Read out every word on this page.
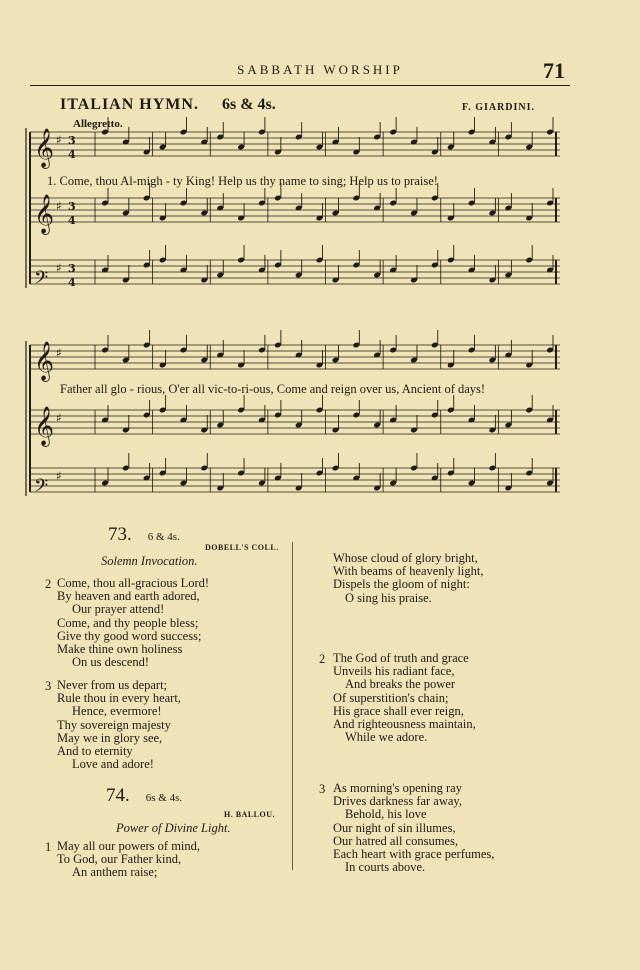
SABBATH WORSHIP	71
ITALIAN HYMN. 6s & 4s.	F. GIARDINI.
Allegretto.
𝄞 ♯ 3
4
𝄞 ♯ 3
4
𝄢 ♯ 3
4
𝄞 ♯
𝄞 ♯
𝄢 ♯
1. Come, thou Al-migh - ty King! Help us thy name to sing; Help us to praise!
Father all glo - rious, O'er all vic-to-ri-ous, Come and reign over us, Ancient of days!
73. 6 & 4s.
DOBELL'S COLL.
Solemn Invocation.
2 Come, thou all-gracious Lord!
By heaven and earth adored,
Our prayer attend!
Come, and thy people bless;
Give thy good word success;
Make thine own holiness
On us descend!
3 Never from us depart;
Rule thou in every heart,
Hence, evermore!
Thy sovereign majesty
May we in glory see,
And to eternity
Love and adore!
74. 6s & 4s.
H. BALLOU.
Power of Divine Light.
1 May all our powers of mind,
To God, our Father kind,
An anthem raise;
Whose cloud of glory bright,
With beams of heavenly light,
Dispels the gloom of night:
O sing his praise.
2 The God of truth and grace
Unveils his radiant face,
And breaks the power
Of superstition's chain;
His grace shall ever reign,
And righteousness maintain,
While we adore.
3 As morning's opening ray
Drives darkness far away,
Behold, his love
Our night of sin illumes,
Our hatred all consumes,
Each heart with grace perfumes,
In courts above.
